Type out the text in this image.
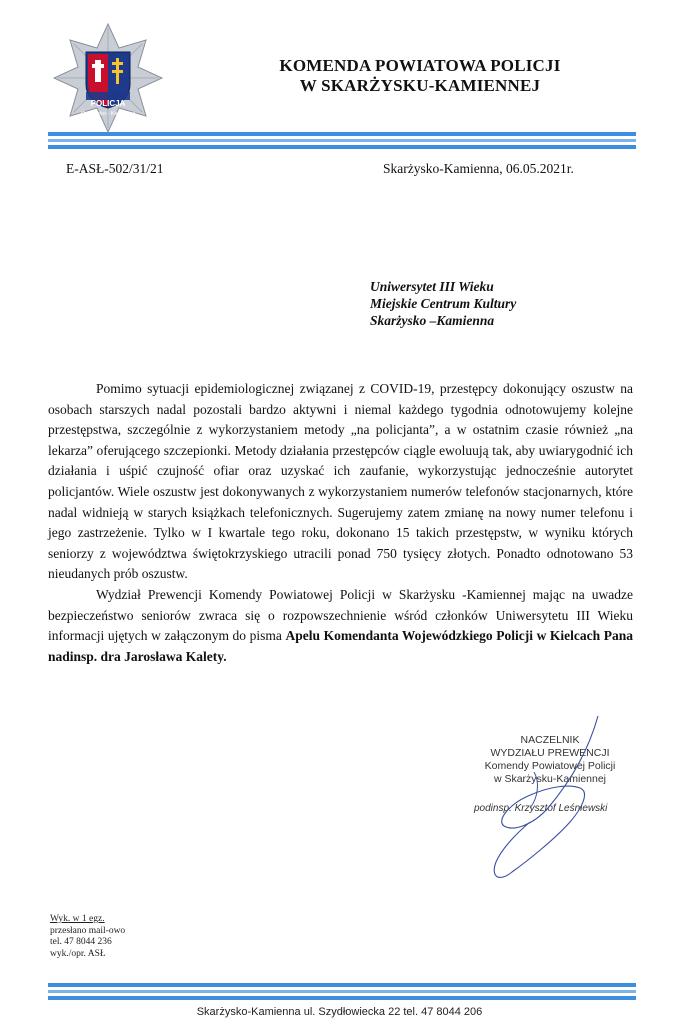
POLICJA
Skarżysko - Kamienna
KOMENDA POWIATOWA POLICJI
W SKARŻYSKU-KAMIENNEJ
E-ASŁ-502/31/21	Skarżysko-Kamienna, 06.05.2021r.
Uniwersytet III Wieku
Miejskie Centrum Kultury
Skarżysko –Kamienna

Pomimo sytuacji epidemiologicznej związanej z COVID-19, przestępcy dokonujący oszustw na osobach starszych nadal pozostali bardzo aktywni i niemal każdego tygodnia odnotowujemy kolejne przestępstwa, szczególnie z wykorzystaniem metody „na policjanta”, a w ostatnim czasie również „na lekarza” oferującego szczepionki. Metody działania przestępców ciągle ewoluują tak, aby uwiarygodnić ich działania i uśpić czujność ofiar oraz uzyskać ich zaufanie, wykorzystując jednocześnie autorytet policjantów. Wiele oszustw jest dokonywanych z wykorzystaniem numerów telefonów stacjonarnych, które nadal widnieją w starych książkach telefonicznych. Sugerujemy zatem zmianę na nowy numer telefonu i jego zastrzeżenie. Tylko w I kwartale tego roku, dokonano 15 takich przestępstw, w wyniku których seniorzy z województwa świętokrzyskiego utracili ponad 750 tysięcy złotych. Ponadto odnotowano 53 nieudanych prób oszustw.

Wydział Prewencji Komendy Powiatowej Policji w Skarżysku -Kamiennej mając na uwadze bezpieczeństwo seniorów zwraca się o rozpowszechnienie wśród członków Uniwersytetu III Wieku informacji ujętych w załączonym do pisma Apelu Komendanta Wojewódzkiego Policji w Kielcach Pana nadinsp. dra Jarosława Kalety.

NACZELNIK
WYDZIAŁU PREWENCJI
Komendy Powiatowej Policji
w Skarżysku-Kamiennej
podinsp. Krzysztof Leśniewski
Wyk. w 1 egz.
przesłano mail-owo
tel. 47 8044 236
wyk./opr. ASŁ
Skarżysko-Kamienna ul. Szydłowiecka 22 tel. 47 8044 206
